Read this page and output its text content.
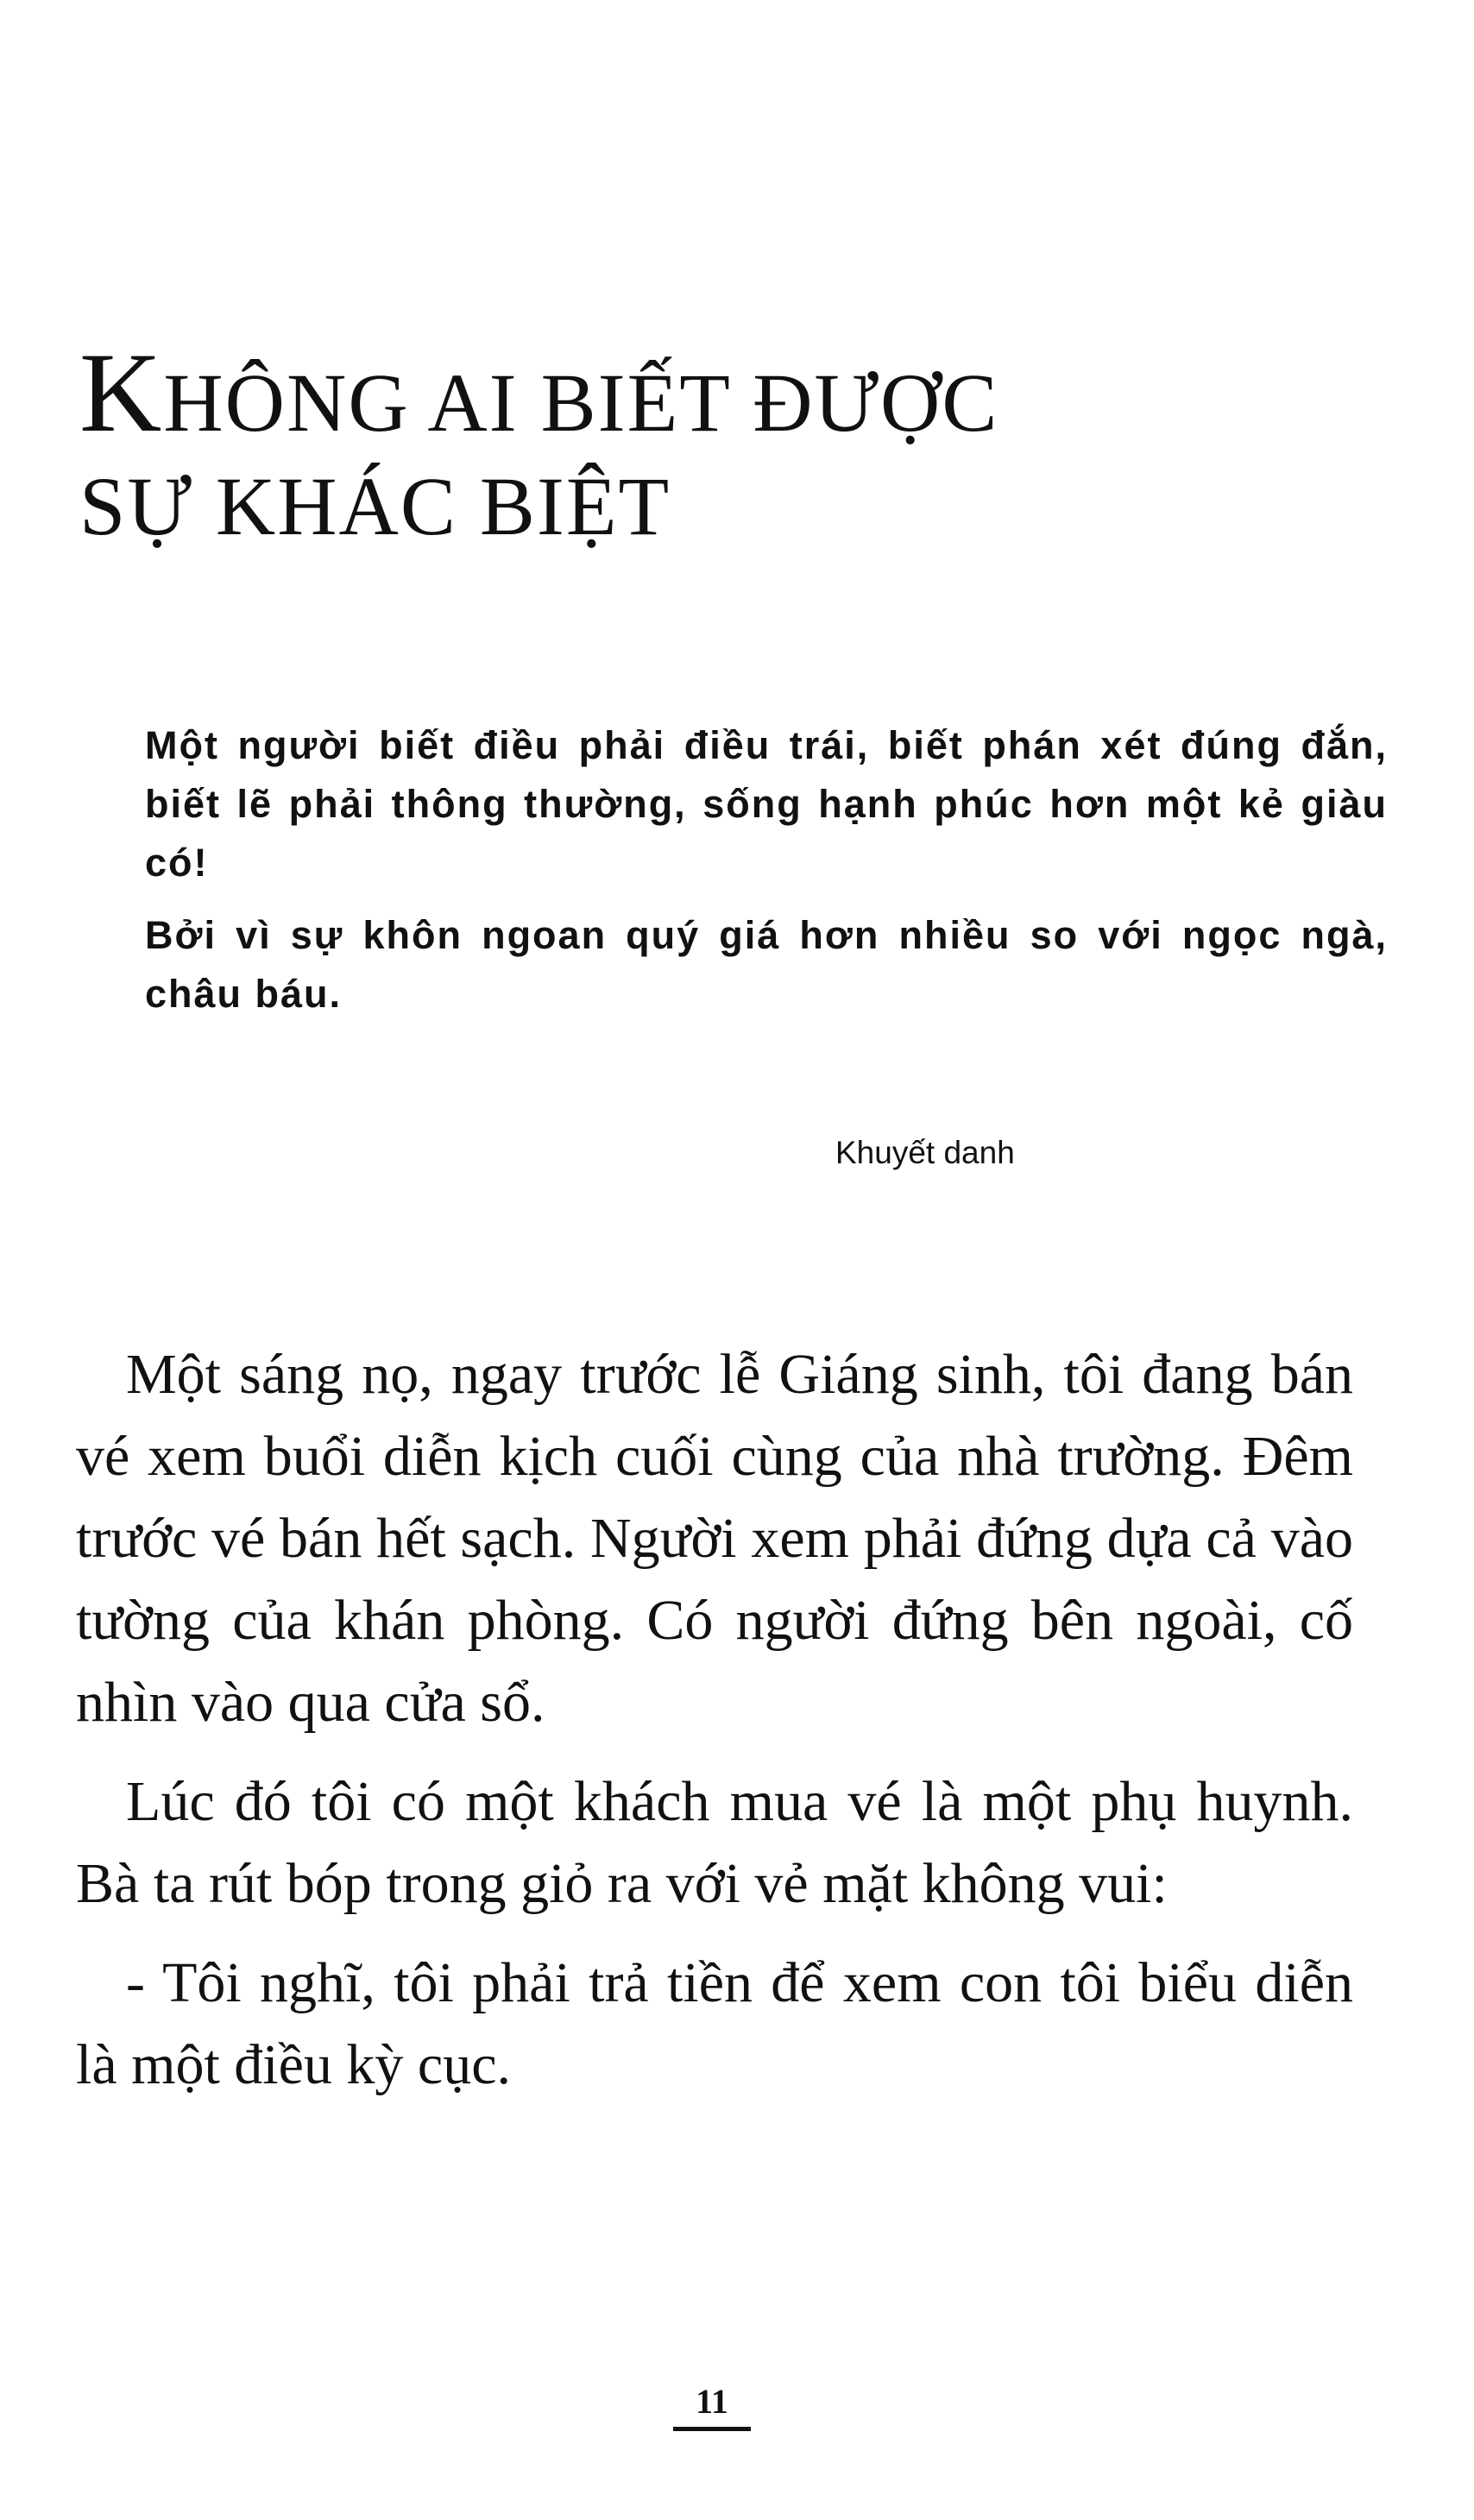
KHÔNG AI BIẾT ĐƯỢC
SỰ KHÁC BIỆT

Một người biết điều phải điều trái, biết phán xét đúng đắn, biết lẽ phải thông thường, sống hạnh phúc hơn một kẻ giàu có!

Bởi vì sự khôn ngoan quý giá hơn nhiều so với ngọc ngà, châu báu.

Khuyết danh

Một sáng nọ, ngay trước lễ Giáng sinh, tôi đang bán vé xem buổi diễn kịch cuối cùng của nhà trường. Đêm trước vé bán hết sạch. Người xem phải đứng dựa cả vào tường của khán phòng. Có người đứng bên ngoài, cố nhìn vào qua cửa sổ.

Lúc đó tôi có một khách mua vé là một phụ huynh. Bà ta rút bóp trong giỏ ra với vẻ mặt không vui:

- Tôi nghĩ, tôi phải trả tiền để xem con tôi biểu diễn là một điều kỳ cục.

11
